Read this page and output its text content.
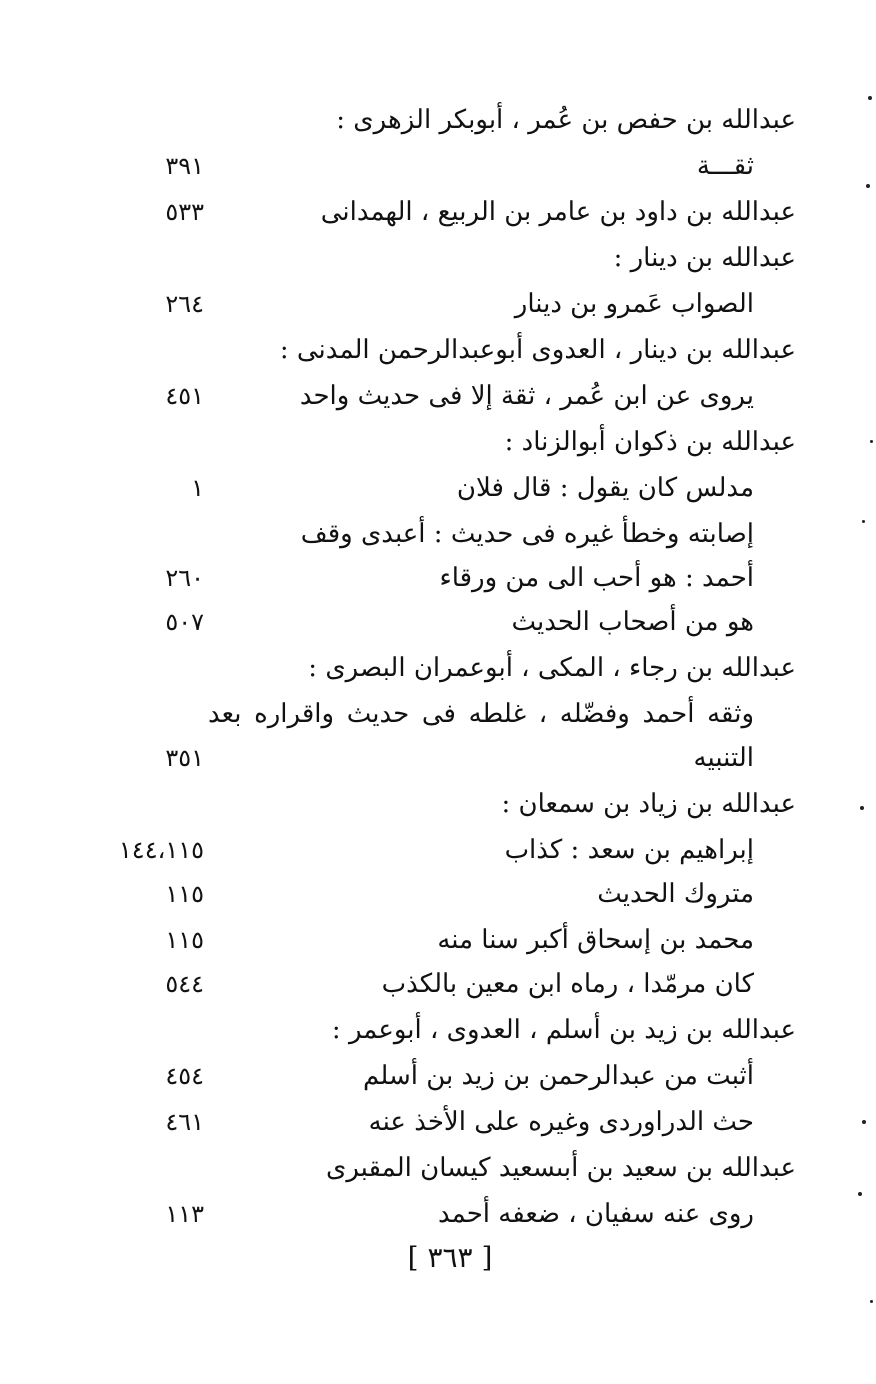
عبدالله بن حفص بن عُمر ، أبوبكر الزهرى :
ثقـــة
٣٩١
عبدالله بن داود بن عامر بن الربيع ، الهمدانى
٥٣٣
عبدالله بن دينار :
الصواب عَمرو بن دينار
٢٦٤
عبدالله بن دينار ، العدوى أبوعبدالرحمن المدنى :
يروى عن ابن عُمر ، ثقة إلا فى حديث واحد
٤٥١
عبدالله بن ذكوان أبوالزناد :
مدلس كان يقول : قال فلان
١
إصابته وخطأ غيره فى حديث : أعبدى وقف
أحمد : هو أحب الى من ورقاء
٢٦٠
هو من أصحاب الحديث
٥٠٧
عبدالله بن رجاء ، المكى ، أبوعمران البصرى :
وثقه أحمد وفضّله ، غلطه فى حديث واقراره بعد
التنبيه
٣٥١
عبدالله بن زياد بن سمعان :
إبراهيم بن سعد : كذاب
١٤٤،١١٥
متروك الحديث
١١٥
محمد بن إسحاق أكبر سنا منه
١١٥
كان مرمّدا ، رماه ابن معين بالكذب
٥٤٤
عبدالله بن زيد بن أسلم ، العدوى ، أبوعمر :
أثبت من عبدالرحمن بن زيد بن أسلم
٤٥٤
حث الدراوردى وغيره على الأخذ عنه
٤٦١
عبدالله بن سعيد بن أبىسعيد كيسان المقبرى
روى عنه سفيان ، ضعفه أحمد
١١٣
[ ٣٦٣ ]
